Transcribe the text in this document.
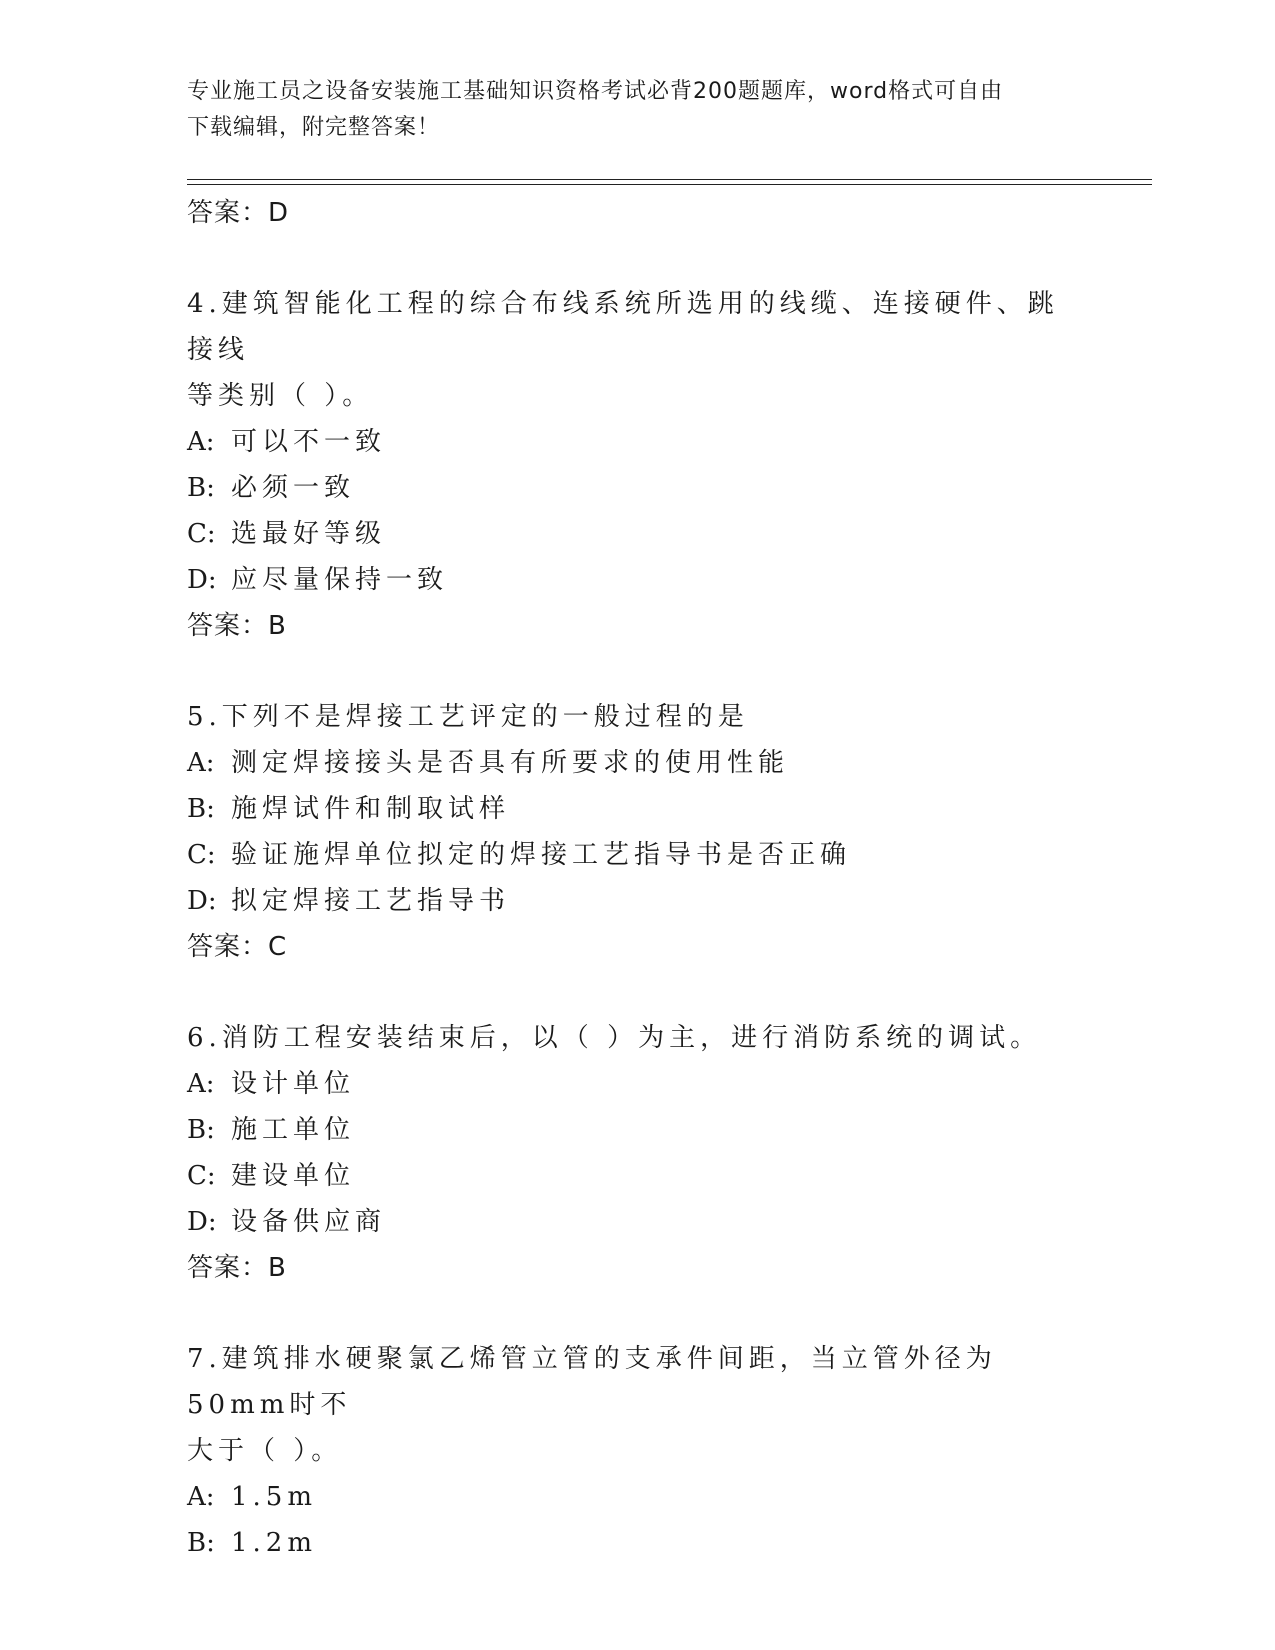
专业施工员之设备安装施工基础知识资格考试必背200题题库，word格式可自由
下载编辑，附完整答案！
答案：D
4.建筑智能化工程的综合布线系统所选用的线缆、连接硬件、跳接线
等类别（ ）。
A: 可以不一致
B: 必须一致
C: 选最好等级
D: 应尽量保持一致
答案：B
5.下列不是焊接工艺评定的一般过程的是
A: 测定焊接接头是否具有所要求的使用性能
B: 施焊试件和制取试样
C: 验证施焊单位拟定的焊接工艺指导书是否正确
D: 拟定焊接工艺指导书
答案：C
6.消防工程安装结束后，以（ ）为主，进行消防系统的调试。
A: 设计单位
B: 施工单位
C: 建设单位
D: 设备供应商
答案：B
7.建筑排水硬聚氯乙烯管立管的支承件间距，当立管外径为50mm时不
大于（ ）。
A: 1.5m
B: 1.2m
